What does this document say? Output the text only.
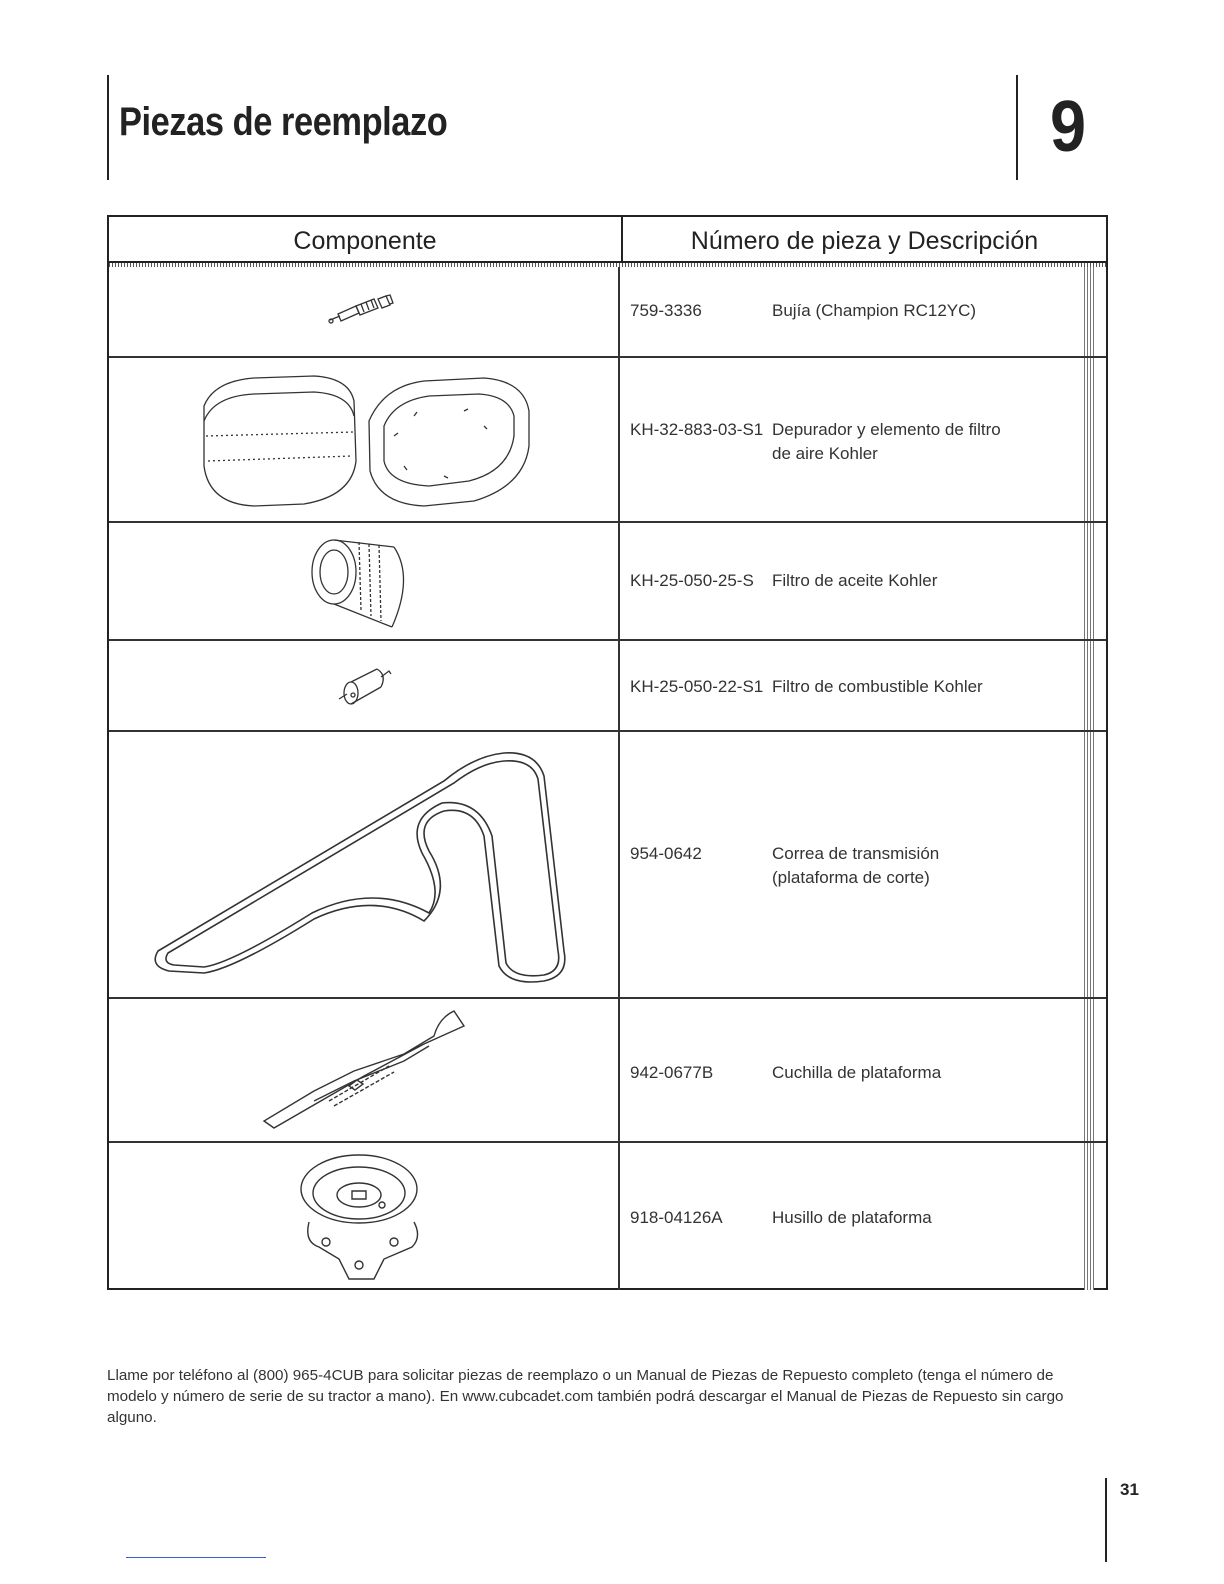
Piezas de reemplazo	9
Componente	Número de pieza y Descripción
759-3336	Bujía (Champion RC12YC)
KH-32-883-03-S1 Depurador y elemento de filtro
de aire Kohler
KH-25-050-25-S Filtro de aceite Kohler
KH-25-050-22-S1 Filtro de combustible Kohler
954-0642	Correa de transmisión
(plataforma de corte)
942-0677B	Cuchilla de plataforma
918-04126A	Husillo de plataforma
Llame por teléfono al (800) 965-4CUB para solicitar piezas de reemplazo o un Manual de Piezas de Repuesto completo (tenga el número de modelo y número de serie de su tractor a mano). En www.cubcadet.com también podrá descargar el Manual de Piezas de Repuesto sin cargo alguno.
31
